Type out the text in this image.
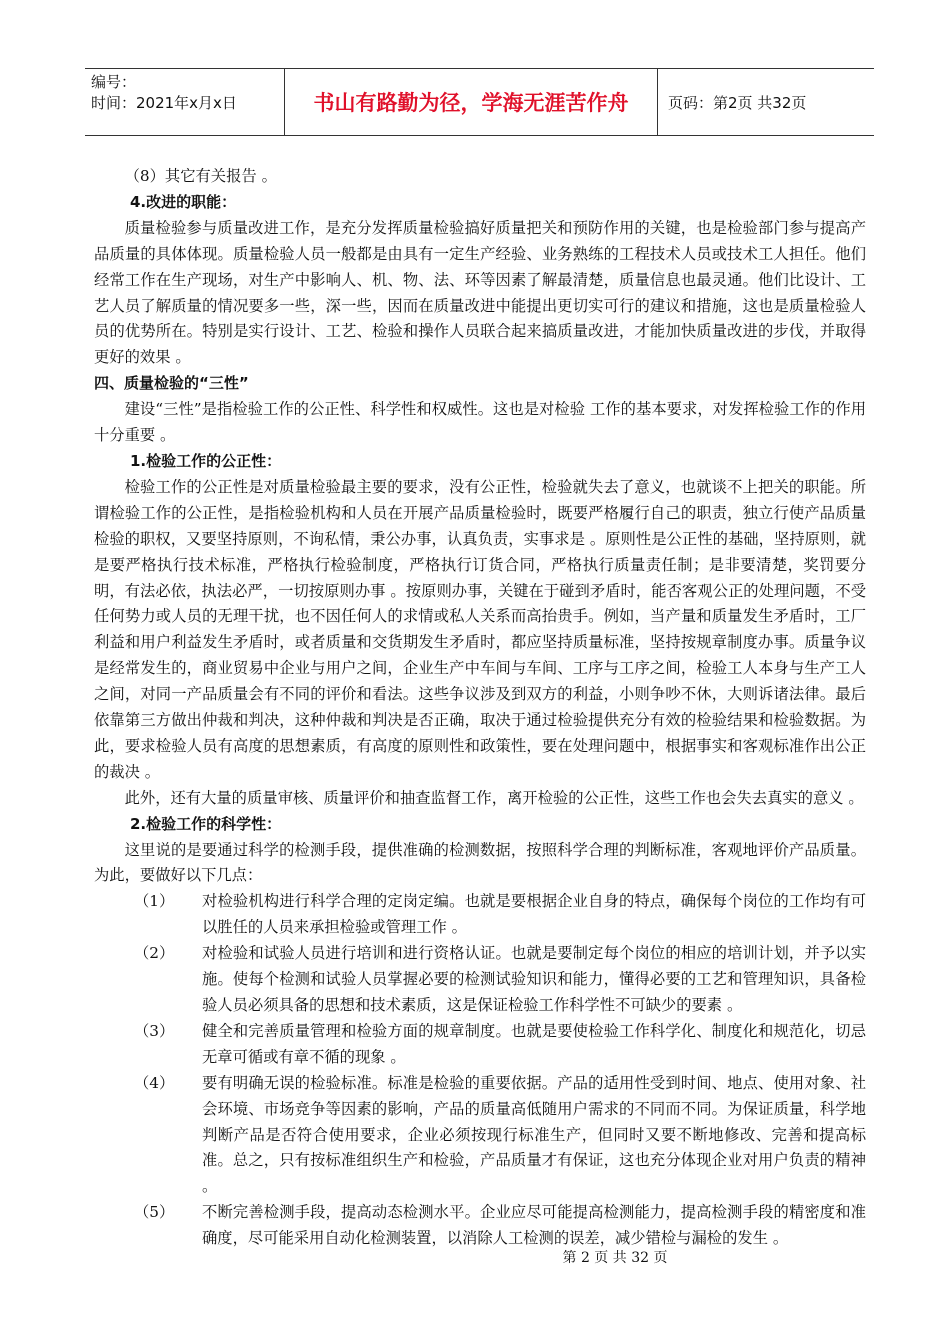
编号：
时间：2021年x月x日	书山有路勤为径，学海无涯苦作舟	页码：第2页 共32页

（8）其它有关报告 。

4.改进的职能：

质量检验参与质量改进工作，是充分发挥质量检验搞好质量把关和预防作用的关键，也是检验部门参与提高产品质量的具体体现。质量检验人员一般都是由具有一定生产经验、业务熟练的工程技术人员或技术工人担任。他们经常工作在生产现场，对生产中影响人、机、物、法、环等因素了解最清楚，质量信息也最灵通。他们比设计、工艺人员了解质量的情况要多一些，深一些，因而在质量改进中能提出更切实可行的建议和措施，这也是质量检验人员的优势所在。特别是实行设计、工艺、检验和操作人员联合起来搞质量改进，才能加快质量改进的步伐，并取得更好的效果 。

四、质量检验的“三性”

建设“三性”是指检验工作的公正性、科学性和权威性。这也是对检验 工作的基本要求，对发挥检验工作的作用十分重要 。

1.检验工作的公正性：

检验工作的公正性是对质量检验最主要的要求，没有公正性，检验就失去了意义，也就谈不上把关的职能。所谓检验工作的公正性，是指检验机构和人员在开展产品质量检验时，既要严格履行自己的职责，独立行使产品质量检验的职权，又要坚持原则，不询私情，秉公办事，认真负责，实事求是 。原则性是公正性的基础，坚持原则，就是要严格执行技术标准，严格执行检验制度，严格执行订货合同，严格执行质量责任制；是非要清楚，奖罚要分明，有法必依，执法必严，一切按原则办事 。按原则办事，关键在于碰到矛盾时，能否客观公正的处理问题，不受任何势力或人员的无理干扰，也不因任何人的求情或私人关系而高抬贵手。例如，当产量和质量发生矛盾时，工厂利益和用户利益发生矛盾时，或者质量和交货期发生矛盾时，都应坚持质量标准，坚持按规章制度办事。质量争议是经常发生的，商业贸易中企业与用户之间，企业生产中车间与车间、工序与工序之间，检验工人本身与生产工人之间，对同一产品质量会有不同的评价和看法。这些争议涉及到双方的利益，小则争吵不休，大则诉诸法律。最后依靠第三方做出仲裁和判决，这种仲裁和判决是否正确，取决于通过检验提供充分有效的检验结果和检验数据。为此，要求检验人员有高度的思想素质，有高度的原则性和政策性，要在处理问题中，根据事实和客观标准作出公正的裁决 。

此外，还有大量的质量审核、质量评价和抽查监督工作，离开检验的公正性，这些工作也会失去真实的意义 。

2.检验工作的科学性：

这里说的是要通过科学的检测手段，提供准确的检测数据，按照科学合理的判断标准，客观地评价产品质量。为此，要做好以下几点：

（1）	对检验机构进行科学合理的定岗定编。也就是要根据企业自身的特点，确保每个岗位的工作均有可以胜任的人员来承担检验或管理工作 。
（2）	对检验和试验人员进行培训和进行资格认证。也就是要制定每个岗位的相应的培训计划，并予以实施。使每个检测和试验人员掌握必要的检测试验知识和能力，懂得必要的工艺和管理知识，具备检验人员必须具备的思想和技术素质，这是保证检验工作科学性不可缺少的要素 。
（3）	健全和完善质量管理和检验方面的规章制度。也就是要使检验工作科学化、制度化和规范化，切忌无章可循或有章不循的现象 。
（4）	要有明确无误的检验标准。标准是检验的重要依据。产品的适用性受到时间、地点、使用对象、社会环境、市场竞争等因素的影响，产品的质量高低随用户需求的不同而不同。为保证质量，科学地判断产品是否符合使用要求，企业必须按现行标准生产，但同时又要不断地修改、完善和提高标准。总之，只有按标准组织生产和检验，产品质量才有保证，这也充分体现企业对用户负责的精神 。
（5）	不断完善检测手段，提高动态检测水平。企业应尽可能提高检测能力，提高检测手段的精密度和准确度，尽可能采用自动化检测装置，以消除人工检测的误差，减少错检与漏检的发生 。
第 2 页 共 32 页
